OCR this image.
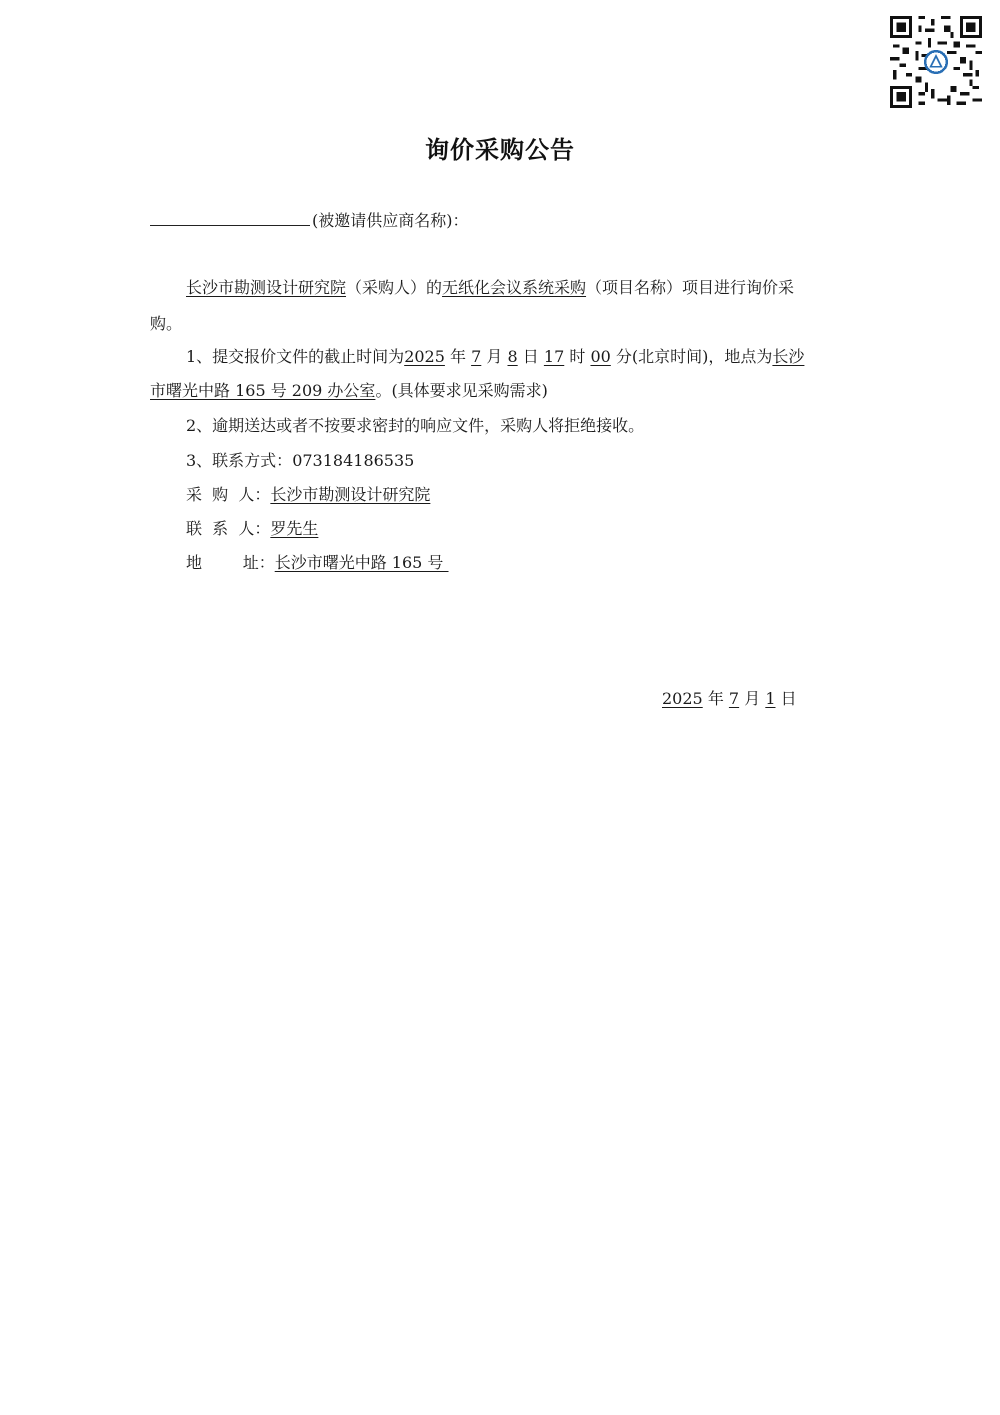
询价采购公告
(被邀请供应商名称)：
长沙市勘测设计研究院（采购人）的无纸化会议系统采购（项目名称）项目进行询价采
购。
1、提交报价文件的截止时间为2025 年 7 月 8 日 17 时 00 分(北京时间)，地点为长沙
市曙光中路 165 号 209 办公室。(具体要求见采购需求)
2、逾期送达或者不按要求密封的响应文件，采购人将拒绝接收。
3、联系方式：073184186535
采  购  人：长沙市勘测设计研究院
联  系  人：罗先生
地        址：长沙市曙光中路 165 号
2025 年 7 月 1 日
